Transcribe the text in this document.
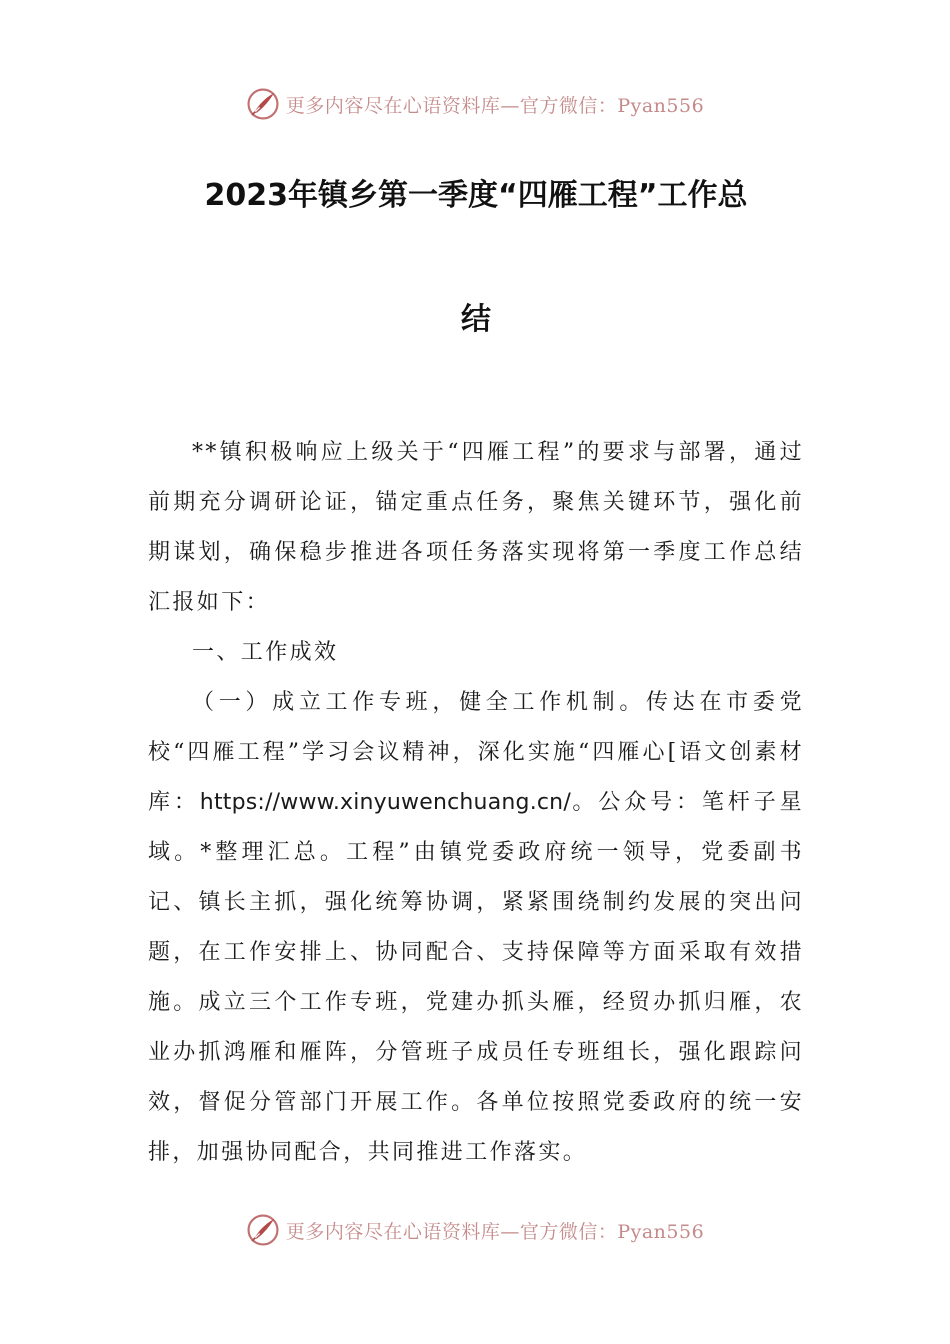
更多内容尽在心语资料库—官方微信：Pyan556
2023年镇乡第一季度“四雁工程”工作总
结

**镇积极响应上级关于“四雁工程”的要求与部署，通过前期充分调研论证，锚定重点任务，聚焦关键环节，强化前期谋划，确保稳步推进各项任务落实现将第一季度工作总结汇报如下：

一、工作成效

（一）成立工作专班，健全工作机制。传达在市委党校“四雁工程”学习会议精神，深化实施“四雁心[语文创素材库：https://www.xinyuwenchuang.cn/。公众号：笔杆子星域。*整理汇总。工程”由镇党委政府统一领导，党委副书记、镇长主抓，强化统筹协调，紧紧围绕制约发展的突出问题，在工作安排上、协同配合、支持保障等方面采取有效措施。成立三个工作专班，党建办抓头雁，经贸办抓归雁，农业办抓鸿雁和雁阵，分管班子成员任专班组长，强化跟踪问效，督促分管部门开展工作。各单位按照党委政府的统一安排，加强协同配合，共同推进工作落实。

更多内容尽在心语资料库—官方微信：Pyan556
